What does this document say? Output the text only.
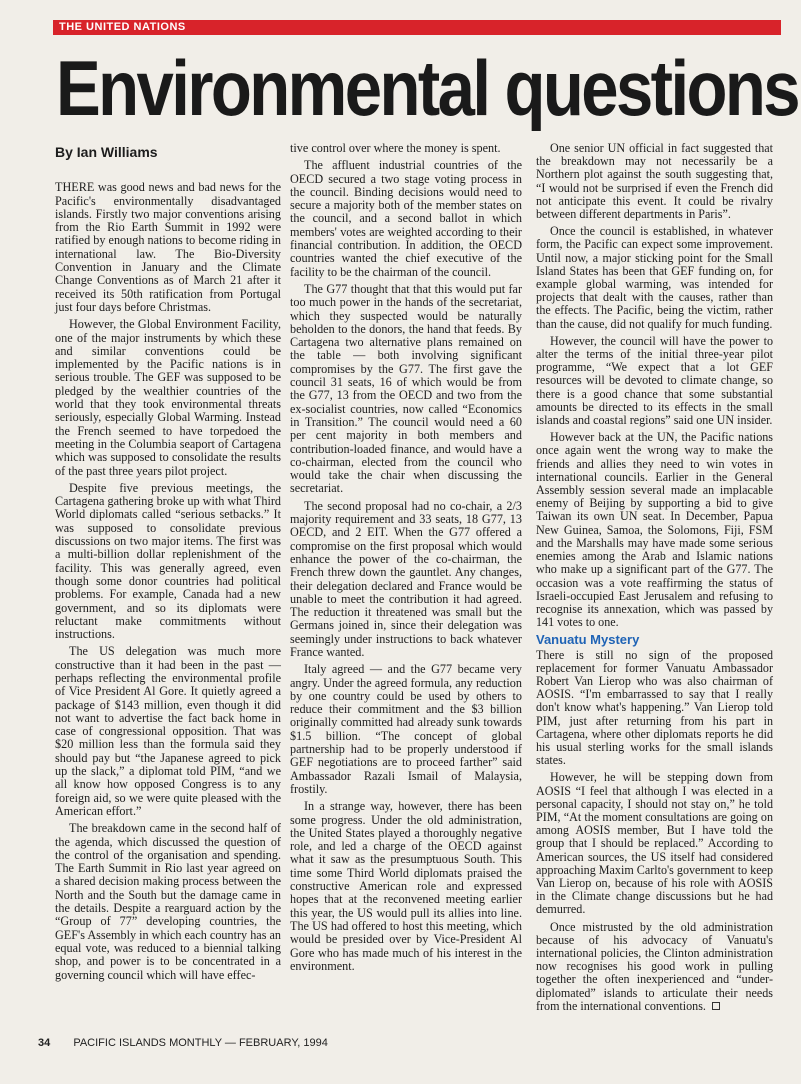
THE UNITED NATIONS
Environmental questions
By Ian Williams

THERE was good news and bad news for the Pacific's environmentally disadvantaged islands. Firstly two major conventions arising from the Rio Earth Summit in 1992 were ratified by enough nations to become riding in international law. The Bio-Diversity Convention in January and the Climate Change Conventions as of March 21 after it received its 50th ratification from Portugal just four days before Christmas.

However, the Global Environment Facility, one of the major instruments by which these and similar conventions could be implemented by the Pacific nations is in serious trouble. The GEF was supposed to be pledged by the wealthier countries of the world that they took environmental threats seriously, especially Global Warming. Instead the French seemed to have torpedoed the meeting in the Columbia seaport of Cartagena which was supposed to consolidate the results of the past three years pilot project.

Despite five previous meetings, the Cartagena gathering broke up with what Third World diplomats called “serious setbacks.” It was supposed to consolidate previous discussions on two major items. The first was a multi-billion dollar replenishment of the facility. This was generally agreed, even though some donor countries had political problems. For example, Canada had a new government, and so its diplomats were reluctant make commitments without instructions.

The US delegation was much more constructive than it had been in the past — perhaps reflecting the environmental profile of Vice President Al Gore. It quietly agreed a package of $143 million, even though it did not want to advertise the fact back home in case of congressional opposition. That was $20 million less than the formula said they should pay but “the Japanese agreed to pick up the slack,” a diplomat told PIM, “and we all know how opposed Congress is to any foreign aid, so we were quite pleased with the American effort.”

The breakdown came in the second half of the agenda, which discussed the question of the control of the organisation and spending. The Earth Summit in Rio last year agreed on a shared decision making process between the North and the South but the damage came in the details. Despite a rearguard action by the “Group of 77” developing countries, the GEF's Assembly in which each country has an equal vote, was reduced to a biennial talking shop, and power is to be concentrated in a governing council which will have effec-

tive control over where the money is spent.

The affluent industrial countries of the OECD secured a two stage voting process in the council. Binding decisions would need to secure a majority both of the member states on the council, and a second ballot in which members' votes are weighted according to their financial contribution. In addition, the OECD countries wanted the chief executive of the facility to be the chairman of the council.

The G77 thought that that this would put far too much power in the hands of the secretariat, which they suspected would be naturally beholden to the donors, the hand that feeds. By Cartagena two alternative plans remained on the table — both involving significant compromises by the G77. The first gave the council 31 seats, 16 of which would be from the G77, 13 from the OECD and two from the ex-socialist countries, now called “Economics in Transition.” The council would need a 60 per cent majority in both members and contribution-loaded finance, and would have a co-chairman, elected from the council who would take the chair when discussing the secretariat.

The second proposal had no co-chair, a 2/3 majority requirement and 33 seats, 18 G77, 13 OECD, and 2 EIT. When the G77 offered a compromise on the first proposal which would enhance the power of the co-chairman, the French threw down the gauntlet. Any changes, their delegation declared and France would be unable to meet the contribution it had agreed. The reduction it threatened was small but the Germans joined in, since their delegation was seemingly under instructions to back whatever France wanted.

Italy agreed — and the G77 became very angry. Under the agreed formula, any reduction by one country could be used by others to reduce their commitment and the $3 billion originally committed had already sunk towards $1.5 billion. “The concept of global partnership had to be properly understood if GEF negotiations are to proceed farther” said Ambassador Razali Ismail of Malaysia, frostily.

In a strange way, however, there has been some progress. Under the old administration, the United States played a thoroughly negative role, and led a charge of the OECD against what it saw as the presumptuous South. This time some Third World diplomats praised the constructive American role and expressed hopes that at the reconvened meeting earlier this year, the US would pull its allies into line. The US had offered to host this meeting, which would be presided over by Vice-President Al Gore who has made much of his interest in the environment.

One senior UN official in fact suggested that the breakdown may not necessarily be a Northern plot against the south suggesting that, “I would not be surprised if even the French did not anticipate this event. It could be rivalry between different departments in Paris”.

Once the council is established, in whatever form, the Pacific can expect some improvement. Until now, a major sticking point for the Small Island States has been that GEF funding on, for example global warming, was intended for projects that dealt with the causes, rather than the effects. The Pacific, being the victim, rather than the cause, did not qualify for much funding.

However, the council will have the power to alter the terms of the initial three-year pilot programme, “We expect that a lot GEF resources will be devoted to climate change, so there is a good chance that some substantial amounts be directed to its effects in the small islands and coastal regions” said one UN insider.

However back at the UN, the Pacific nations once again went the wrong way to make the friends and allies they need to win votes in international councils. Earlier in the General Assembly session several made an implacable enemy of Beijing by supporting a bid to give Taiwan its own UN seat. In December, Papua New Guinea, Samoa, the Solomons, Fiji, FSM and the Marshalls may have made some serious enemies among the Arab and Islamic nations who make up a significant part of the G77. The occasion was a vote reaffirming the status of Israeli-occupied East Jerusalem and refusing to recognise its annexation, which was passed by 141 votes to one.

Vanuatu Mystery

There is still no sign of the proposed replacement for former Vanuatu Ambassador Robert Van Lierop who was also chairman of AOSIS. “I'm embarrassed to say that I really don't know what's happening.” Van Lierop told PIM, just after returning from his part in Cartagena, where other diplomats reports he did his usual sterling works for the small islands states.

However, he will be stepping down from AOSIS “I feel that although I was elected in a personal capacity, I should not stay on,” he told PIM, “At the moment consultations are going on among AOSIS member, But I have told the group that I should be replaced.” According to American sources, the US itself had considered approaching Maxim Carlto's government to keep Van Lierop on, because of his role with AOSIS in the Climate change discussions but he had demurred.

Once mistrusted by the old administration because of his advocacy of Vanuatu's international policies, the Clinton administration now recognises his good work in pulling together the often inexperienced and “under-diplomated” islands to articulate their needs from the international conventions.

34 PACIFIC ISLANDS MONTHLY — FEBRUARY, 1994
